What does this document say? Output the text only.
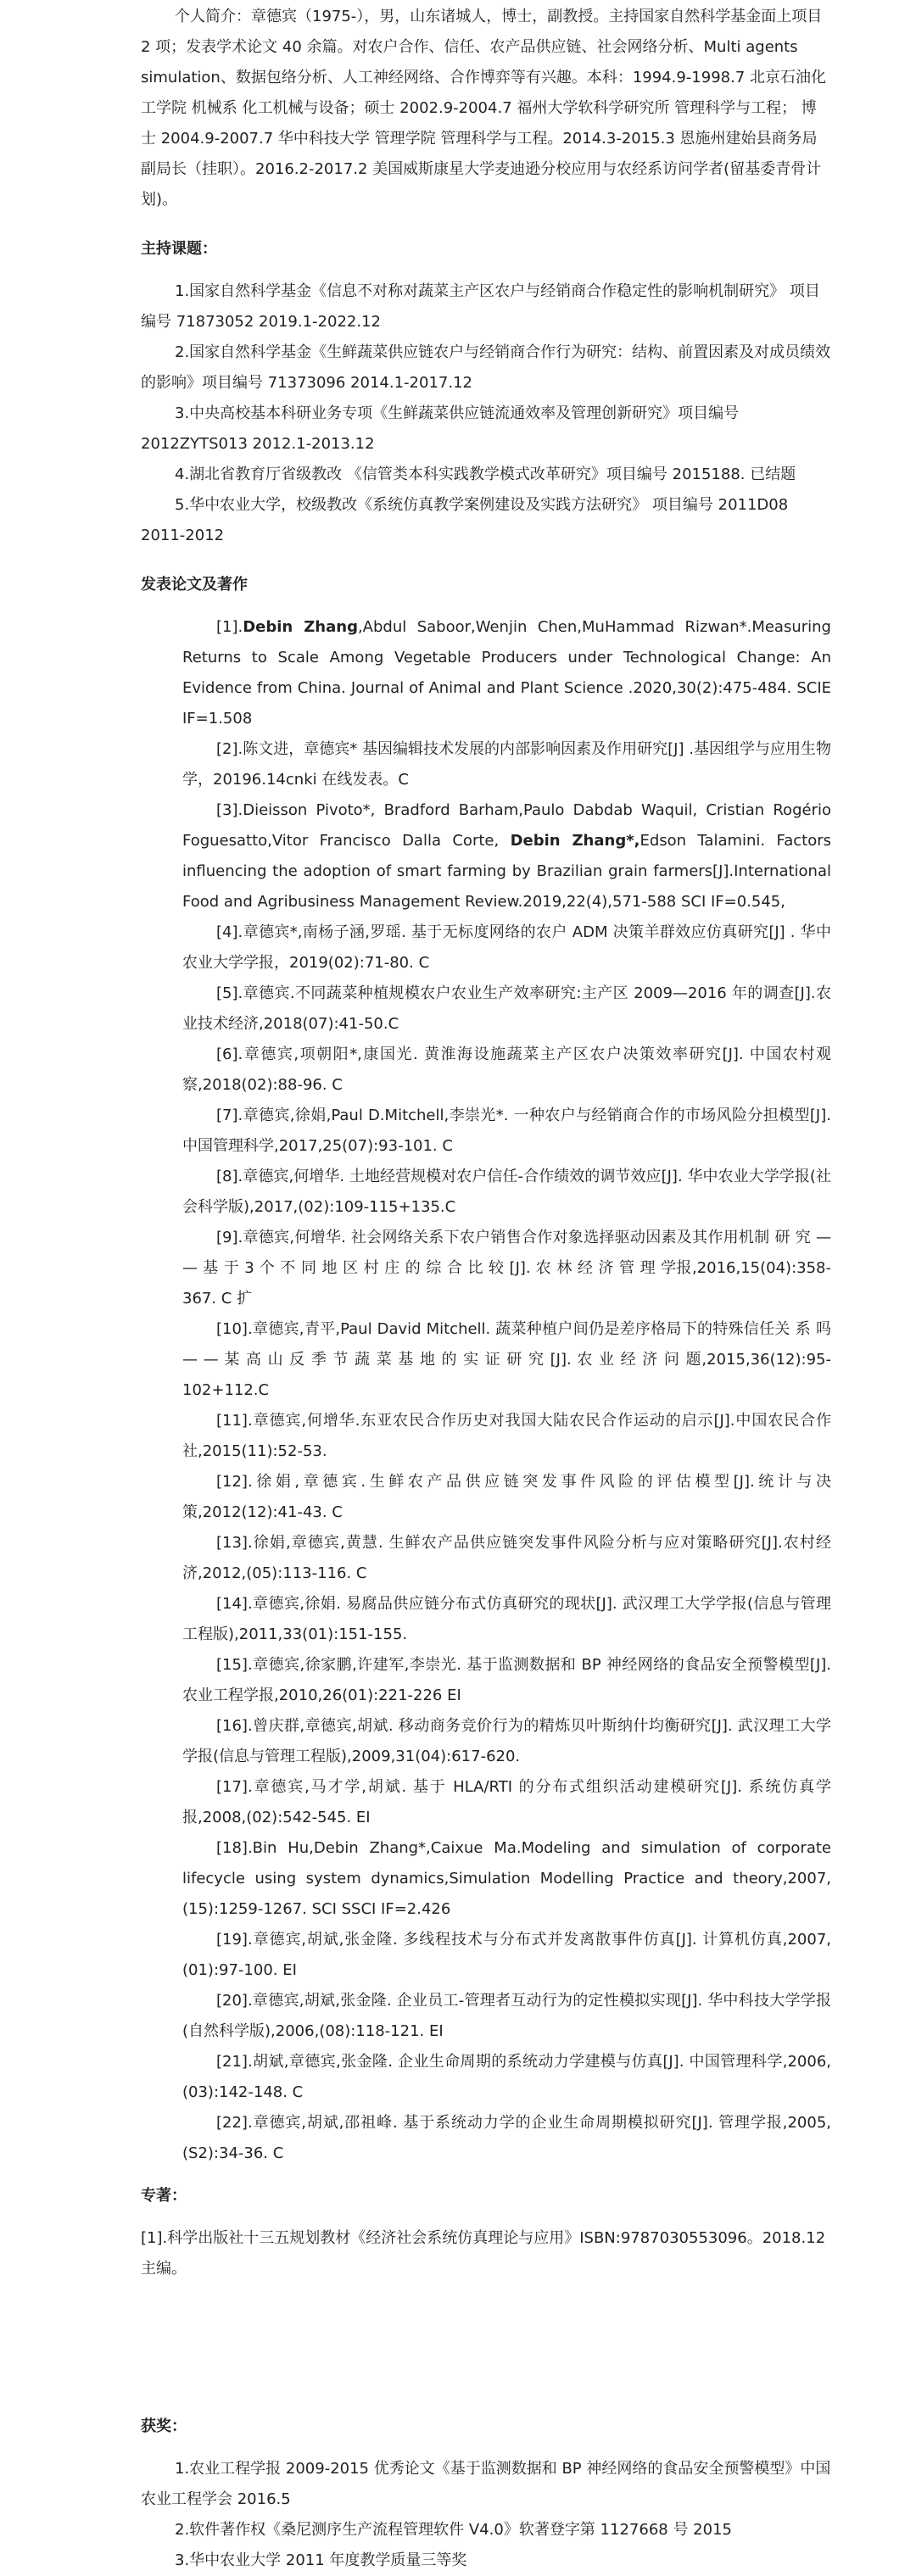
个人简介：章德宾（1975-），男，山东诸城人，博士，副教授。主持国家自然科学基金面上项目 2 项；发表学术论文 40 余篇。对农户合作、信任、农产品供应链、社会网络分析、Multi agents simulation、数据包络分析、人工神经网络、合作博弈等有兴趣。本科：1994.9-1998.7 北京石油化工学院 机械系 化工机械与设备；硕士 2002.9-2004.7 福州大学软科学研究所 管理科学与工程； 博士 2004.9-2007.7 华中科技大学 管理学院 管理科学与工程。2014.3-2015.3 恩施州建始县商务局副局长（挂职）。2016.2-2017.2 美国威斯康星大学麦迪逊分校应用与农经系访问学者(留基委青骨计划)。

主持课题：

1.国家自然科学基金《信息不对称对蔬菜主产区农户与经销商合作稳定性的影响机制研究》 项目编号 71873052 2019.1-2022.12

2.国家自然科学基金《生鲜蔬菜供应链农户与经销商合作行为研究：结构、前置因素及对成员绩效的影响》项目编号 71373096 2014.1-2017.12

3.中央高校基本科研业务专项《生鲜蔬菜供应链流通效率及管理创新研究》项目编号 2012ZYTS013 2012.1-2013.12

4.湖北省教育厅省级教改 《信管类本科实践教学模式改革研究》项目编号 2015188. 已结题

5.华中农业大学，校级教改《系统仿真教学案例建设及实践方法研究》 项目编号 2011D08 2011-2012

发表论文及著作

[1].Debin Zhang,Abdul Saboor,Wenjin Chen,MuHammad Rizwan*.Measuring Returns to Scale Among Vegetable Producers under Technological Change: An Evidence from China. Journal of Animal and Plant Science .2020,30(2):475-484. SCIE IF=1.508

[2].陈文进，章德宾* 基因编辑技术发展的内部影响因素及作用研究[J] .基因组学与应用生物学，20196.14cnki 在线发表。C

[3].Dieisson Pivoto*, Bradford Barham,Paulo Dabdab Waquil, Cristian Rogério Foguesatto,Vitor Francisco Dalla Corte, Debin Zhang*,Edson Talamini. Factors influencing the adoption of smart farming by Brazilian grain farmers[J].International Food and Agribusiness Management Review.2019,22(4),571-588 SCI IF=0.545,

[4].章德宾*,南杨子涵,罗瑶. 基于无标度网络的农户 ADM 决策羊群效应仿真研究[J] . 华中农业大学学报，2019(02):71-80. C

[5].章德宾.不同蔬菜种植规模农户农业生产效率研究:主产区 2009—2016 年的调查[J].农业技术经济,2018(07):41-50.C

[6].章德宾,项朝阳*,康国光. 黄淮海设施蔬菜主产区农户决策效率研究[J]. 中国农村观察,2018(02):88-96. C

[7].章德宾,徐娟,Paul D.Mitchell,李崇光*. 一种农户与经销商合作的市场风险分担模型[J]. 中国管理科学,2017,25(07):93-101. C

[8].章德宾,何增华. 土地经营规模对农户信任-合作绩效的调节效应[J]. 华中农业大学学报(社会科学版),2017,(02):109-115+135.C

[9].章德宾,何增华. 社会网络关系下农户销售合作对象选择驱动因素及其作用机制 研 究 — — 基 于 3 个 不 同 地 区 村 庄 的 综 合 比 较 [J]. 农 林 经 济 管 理 学报,2016,15(04):358-367. C 扩

[10].章德宾,青平,Paul David Mitchell. 蔬菜种植户间仍是差序格局下的特殊信任关 系 吗 — — 某 高 山 反 季 节 蔬 菜 基 地 的 实 证 研 究 [J]. 农 业 经 济 问 题,2015,36(12):95-102+112.C

[11].章德宾,何增华.东亚农民合作历史对我国大陆农民合作运动的启示[J].中国农民合作社,2015(11):52-53.

[12].徐娟,章德宾.生鲜农产品供应链突发事件风险的评估模型[J].统计与决策,2012(12):41-43. C

[13].徐娟,章德宾,黄慧. 生鲜农产品供应链突发事件风险分析与应对策略研究[J].农村经济,2012,(05):113-116. C

[14].章德宾,徐娟. 易腐品供应链分布式仿真研究的现状[J]. 武汉理工大学学报(信息与管理工程版),2011,33(01):151-155.

[15].章德宾,徐家鹏,许建军,李崇光. 基于监测数据和 BP 神经网络的食品安全预警模型[J]. 农业工程学报,2010,26(01):221-226 EI

[16].曾庆群,章德宾,胡斌. 移动商务竞价行为的精炼贝叶斯纳什均衡研究[J]. 武汉理工大学学报(信息与管理工程版),2009,31(04):617-620.

[17].章德宾,马才学,胡斌. 基于 HLA/RTI 的分布式组织活动建模研究[J]. 系统仿真学报,2008,(02):542-545. EI

[18].Bin Hu,Debin Zhang*,Caixue Ma.Modeling and simulation of corporate lifecycle using system dynamics,Simulation Modelling Practice and theory,2007,(15):1259-1267. SCI SSCI IF=2.426

[19].章德宾,胡斌,张金隆. 多线程技术与分布式并发离散事件仿真[J]. 计算机仿真,2007,(01):97-100. EI

[20].章德宾,胡斌,张金隆. 企业员工-管理者互动行为的定性模拟实现[J]. 华中科技大学学报(自然科学版),2006,(08):118-121. EI

[21].胡斌,章德宾,张金隆. 企业生命周期的系统动力学建模与仿真[J]. 中国管理科学,2006,(03):142-148. C

[22].章德宾,胡斌,邵祖峰. 基于系统动力学的企业生命周期模拟研究[J]. 管理学报,2005,(S2):34-36. C

专著：

[1].科学出版社十三五规划教材《经济社会系统仿真理论与应用》ISBN:9787030553096。2018.12 主编。

获奖：

1.农业工程学报 2009-2015 优秀论文《基于监测数据和 BP 神经网络的食品安全预警模型》中国农业工程学会 2016.5

2.软件著作权《桑尼测序生产流程管理软件 V4.0》软著登字第 1127668 号 2015

3.华中农业大学 2011 年度教学质量三等奖
